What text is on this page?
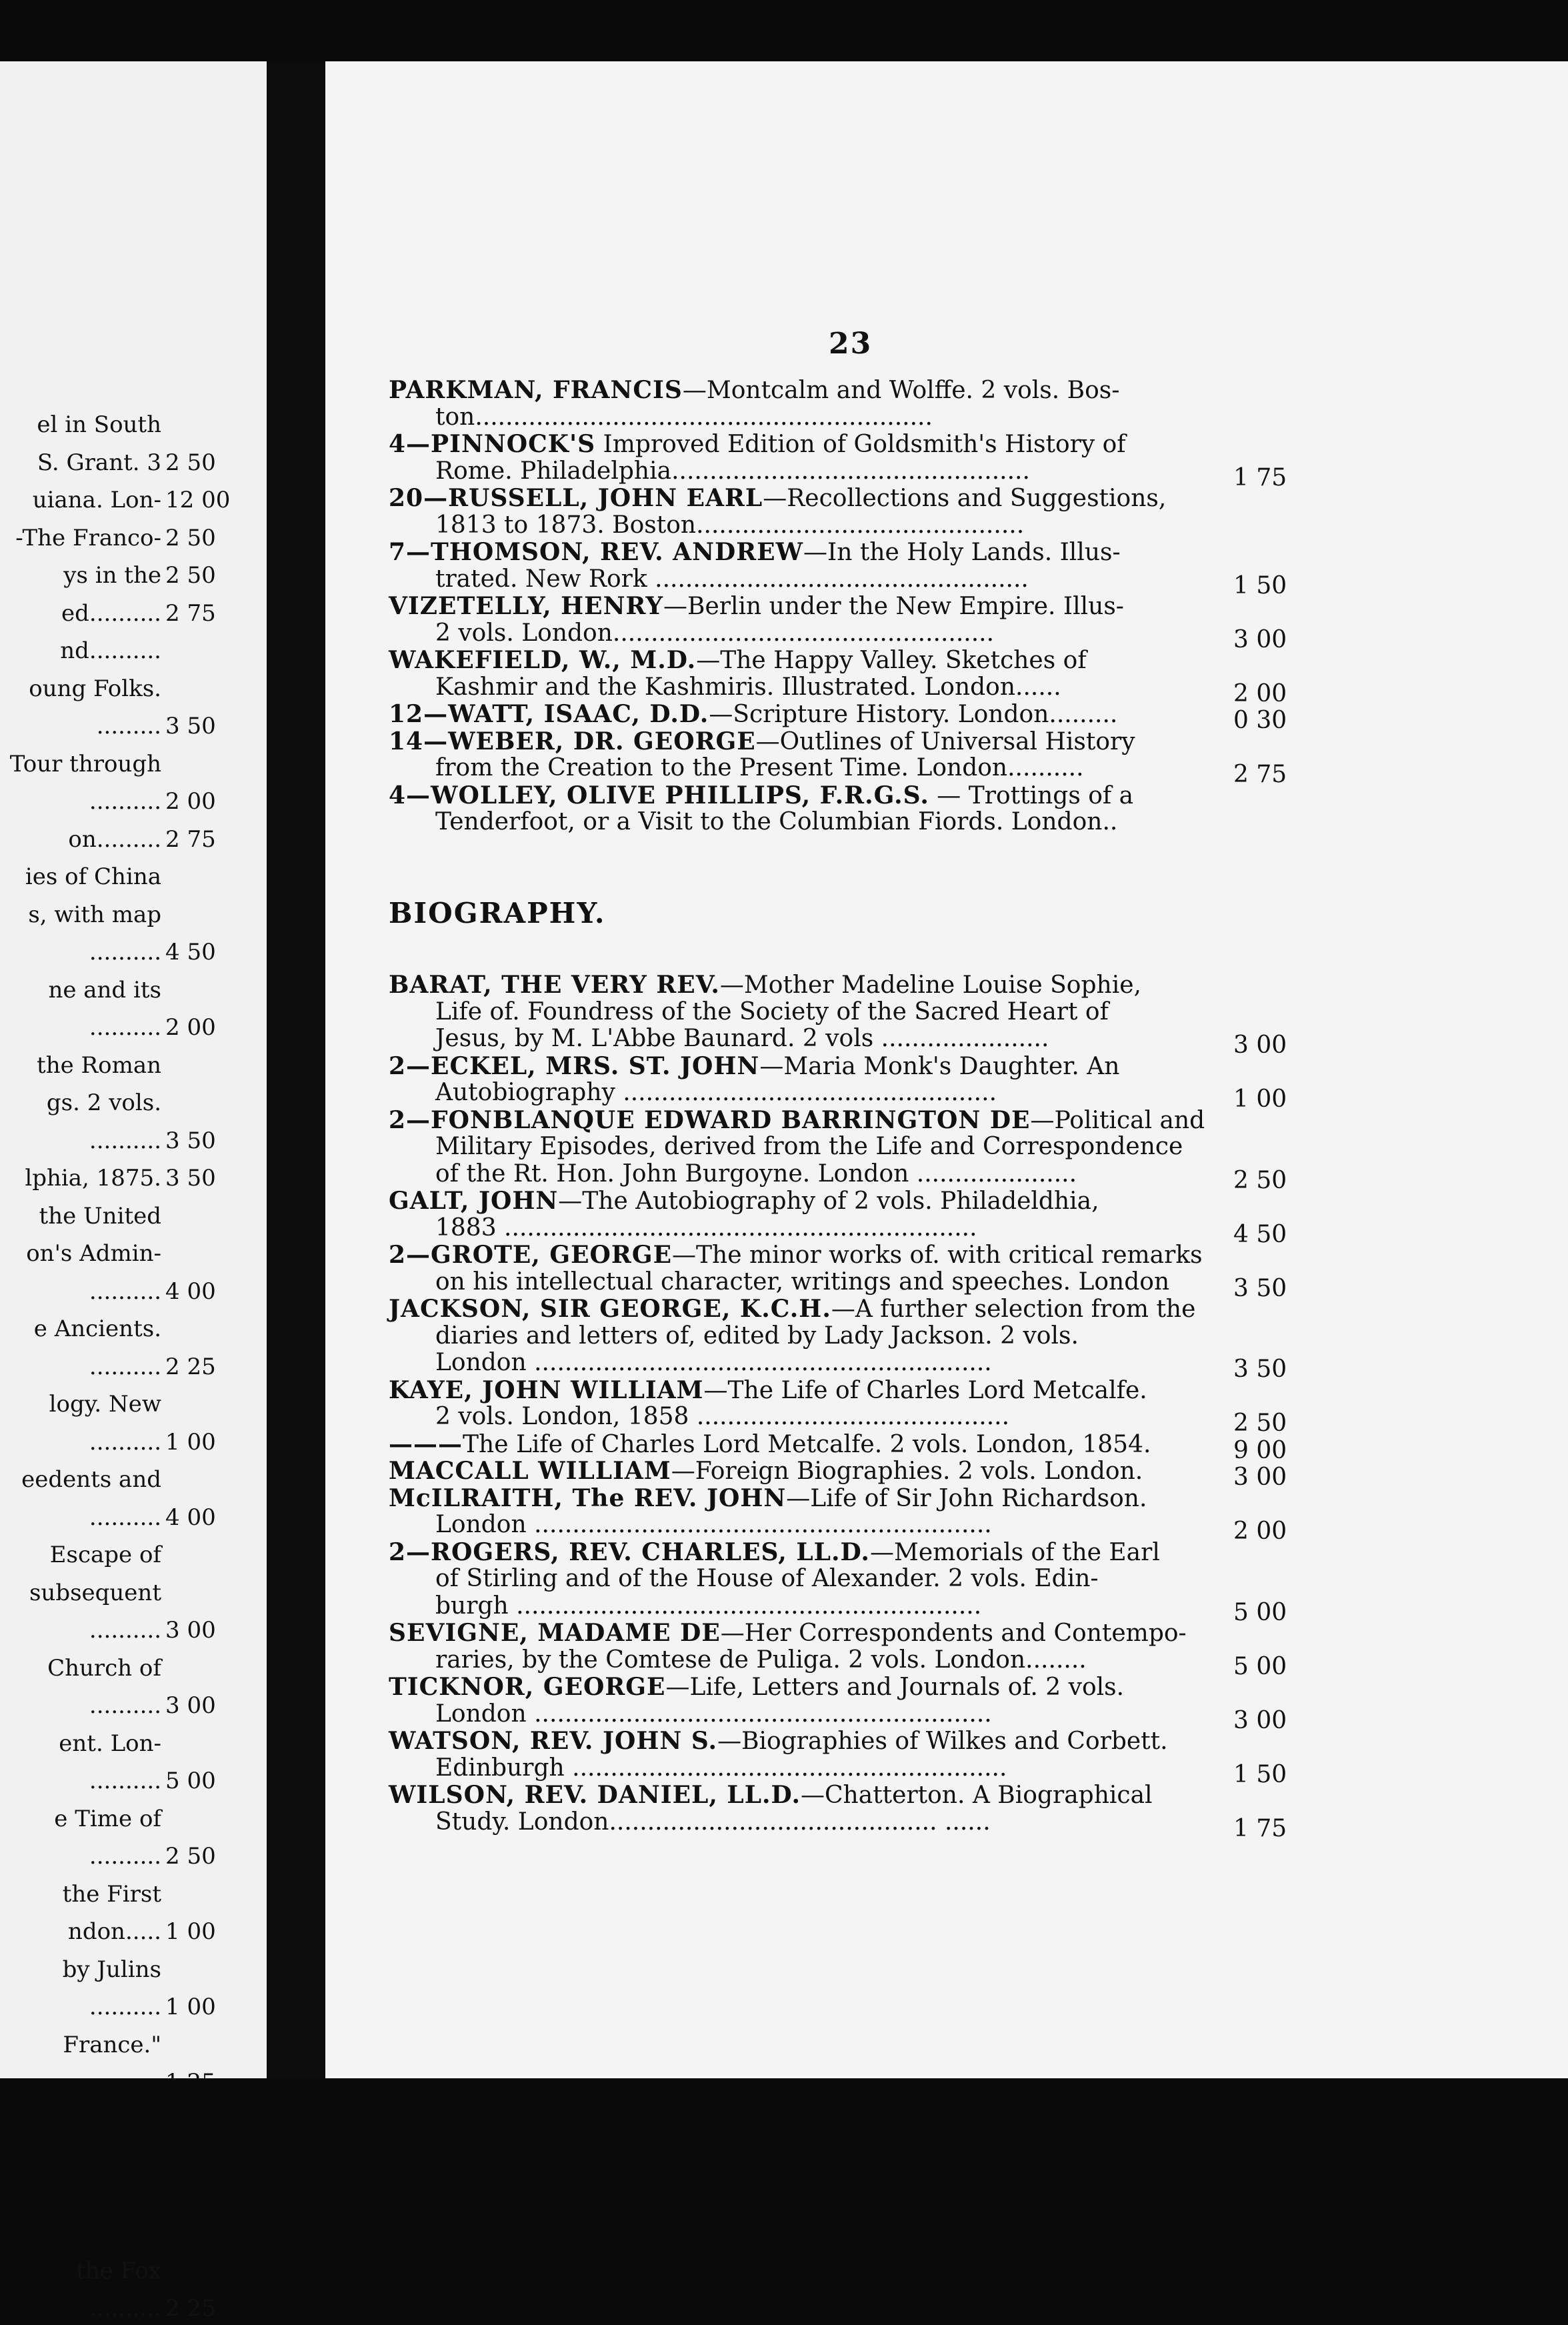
el in South
S. Grant. 3 2 50
uiana. Lon- 12 00
-The Franco- 2 50
ys in the 2 50
ed.......... 2 75
nd..........
oung Folks.
......... 3 50
Tour through
.......... 2 00
on......... 2 75
ies of China
s, with map
.......... 4 50
ne and its
.......... 2 00
the Roman
gs. 2 vols.
.......... 3 50
lphia, 1875. 3 50
the United
on's Admin-
.......... 4 00
e Ancients.
.......... 2 25
logy. New
.......... 1 00
eedents and
.......... 4 00
Escape of
subsequent
.......... 3 00
Church of
.......... 3 00
ent. Lon-
.......... 5 00
e Time of
.......... 2 50
the First
ndon..... 1 00
by Julins
.......... 1 00
France."
the Fox
.......... 2 25
23
PARKMAN, FRANCIS—Montcalm and Wolffe. 2 vols. Bos-
ton............................................................
4—PINNOCK'S Improved Edition of Goldsmith's History of
Rome. Philadelphia...............................................	1 75
20—RUSSELL, JOHN EARL—Recollections and Suggestions,
1813 to 1873. Boston...........................................
7—THOMSON, REV. ANDREW—In the Holy Lands. Illus-
trated. New Rork .................................................	1 50
VIZETELLY, HENRY—Berlin under the New Empire. Illus-
2 vols. London..................................................	3 00
WAKEFIELD, W., M.D.—The Happy Valley. Sketches of
Kashmir and the Kashmiris. Illustrated. London......	2 00
12—WATT, ISAAC, D.D.—Scripture History. London.........	0 30
14—WEBER, DR. GEORGE—Outlines of Universal History
from the Creation to the Present Time. London..........	2 75
4—WOLLEY, OLIVE PHILLIPS, F.R.G.S. — Trottings of a
Tenderfoot, or a Visit to the Columbian Fiords. London..
BIOGRAPHY.
BARAT, THE VERY REV.—Mother Madeline Louise Sophie,
Life of. Foundress of the Society of the Sacred Heart of
Jesus, by M. L'Abbe Baunard. 2 vols ......................	3 00
2—ECKEL, MRS. ST. JOHN—Maria Monk's Daughter. An
Autobiography .................................................	1 00
2—FONBLANQUE EDWARD BARRINGTON DE—Political and
Military Episodes, derived from the Life and Correspondence
of the Rt. Hon. John Burgoyne. London .....................	2 50
GALT, JOHN—The Autobiography of 2 vols. Philadeldhia,
1883 ..............................................................	4 50
2—GROTE, GEORGE—The minor works of. with critical remarks
on his intellectual character, writings and speeches. London	3 50
JACKSON, SIR GEORGE, K.C.H.—A further selection from the
diaries and letters of, edited by Lady Jackson. 2 vols.
London ............................................................	3 50
KAYE, JOHN WILLIAM—The Life of Charles Lord Metcalfe.
2 vols. London, 1858 .........................................	2 50
———The Life of Charles Lord Metcalfe. 2 vols. London, 1854.	9 00
MACCALL WILLIAM—Foreign Biographies. 2 vols. London.	3 00
McILRAITH, The REV. JOHN—Life of Sir John Richardson.
London ............................................................	2 00
2—ROGERS, REV. CHARLES, LL.D.—Memorials of the Earl
of Stirling and of the House of Alexander. 2 vols. Edin-
burgh .............................................................	5 00
SEVIGNE, MADAME DE—Her Correspondents and Contempo-
raries, by the Comtese de Puliga. 2 vols. London........	5 00
TICKNOR, GEORGE—Life, Letters and Journals of. 2 vols.
London ............................................................	3 00
WATSON, REV. JOHN S.—Biographies of Wilkes and Corbett.
Edinburgh .........................................................	1 50
WILSON, REV. DANIEL, LL.D.—Chatterton. A Biographical
Study. London........................................... ......	1 75
